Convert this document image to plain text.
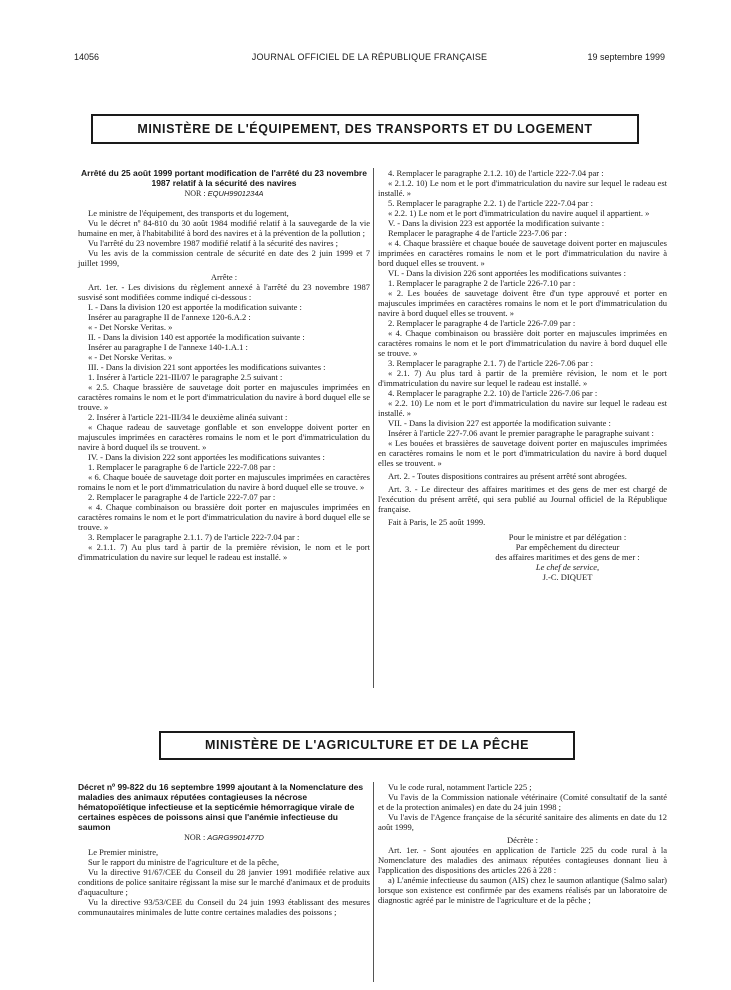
14056	JOURNAL OFFICIEL DE LA RÉPUBLIQUE FRANÇAISE	19 septembre 1999
MINISTÈRE DE L'ÉQUIPEMENT, DES TRANSPORTS ET DU LOGEMENT

Arrêté du 25 août 1999 portant modification de l'arrêté du 23 novembre 1987 relatif à la sécurité des navires

NOR : EQUH9901234A

Le ministre de l'équipement, des transports et du logement,

Vu le décret nº 84-810 du 30 août 1984 modifié relatif à la sauvegarde de la vie humaine en mer, à l'habitabilité à bord des navires et à la prévention de la pollution ;

Vu l'arrêté du 23 novembre 1987 modifié relatif à la sécurité des navires ;

Vu les avis de la commission centrale de sécurité en date des 2 juin 1999 et 7 juillet 1999,

Arrête :

Art. 1er. - Les divisions du règlement annexé à l'arrêté du 23 novembre 1987 susvisé sont modifiées comme indiqué ci-dessous :

I. - Dans la division 120 est apportée la modification suivante :

Insérer au paragraphe II de l'annexe 120-6.A.2 :

« - Det Norske Veritas. »

II. - Dans la division 140 est apportée la modification suivante :

Insérer au paragraphe I de l'annexe 140-1.A.1 :

« - Det Norske Veritas. »

III. - Dans la division 221 sont apportées les modifications suivantes :

1. Insérer à l'article 221-III/07 le paragraphe 2.5 suivant :

« 2.5. Chaque brassière de sauvetage doit porter en majuscules imprimées en caractères romains le nom et le port d'immatriculation du navire à bord duquel elle se trouve. »

2. Insérer à l'article 221-III/34 le deuxième alinéa suivant :

« Chaque radeau de sauvetage gonflable et son enveloppe doivent porter en majuscules imprimées en caractères romains le nom et le port d'immatriculation du navire à bord duquel ils se trouvent. »

IV. - Dans la division 222 sont apportées les modifications suivantes :

1. Remplacer le paragraphe 6 de l'article 222-7.08 par :

« 6. Chaque bouée de sauvetage doit porter en majuscules imprimées en caractères romains le nom et le port d'immatriculation du navire à bord duquel elle se trouve. »

2. Remplacer le paragraphe 4 de l'article 222-7.07 par :

« 4. Chaque combinaison ou brassière doit porter en majuscules imprimées en caractères romains le nom et le port d'immatriculation du navire à bord duquel elle se trouve. »

3. Remplacer le paragraphe 2.1.1. 7) de l'article 222-7.04 par :

« 2.1.1. 7) Au plus tard à partir de la première révision, le nom et le port d'immatriculation du navire sur lequel le radeau est installé. »

4. Remplacer le paragraphe 2.1.2. 10) de l'article 222-7.04 par :

« 2.1.2. 10) Le nom et le port d'immatriculation du navire sur lequel le radeau est installé. »

5. Remplacer le paragraphe 2.2. 1) de l'article 222-7.04 par :

« 2.2. 1) Le nom et le port d'immatriculation du navire auquel il appartient. »

V. - Dans la division 223 est apportée la modification suivante :

Remplacer le paragraphe 4 de l'article 223-7.06 par :

« 4. Chaque brassière et chaque bouée de sauvetage doivent porter en majuscules imprimées en caractères romains le nom et le port d'immatriculation du navire à bord duquel elles se trouvent. »

VI. - Dans la division 226 sont apportées les modifications suivantes :

1. Remplacer le paragraphe 2 de l'article 226-7.10 par :

« 2. Les bouées de sauvetage doivent être d'un type approuvé et porter en majuscules imprimées en caractères romains le nom et le port d'immatriculation du navire à bord duquel elles se trouvent. »

2. Remplacer le paragraphe 4 de l'article 226-7.09 par :

« 4. Chaque combinaison ou brassière doit porter en majuscules imprimées en caractères romains le nom et le port d'immatriculation du navire à bord duquel elle se trouve. »

3. Remplacer le paragraphe 2.1. 7) de l'article 226-7.06 par :

« 2.1. 7) Au plus tard à partir de la première révision, le nom et le port d'immatriculation du navire sur lequel le radeau est installé. »

4. Remplacer le paragraphe 2.2. 10) de l'article 226-7.06 par :

« 2.2. 10) Le nom et le port d'immatriculation du navire sur lequel le radeau est installé. »

VII. - Dans la division 227 est apportée la modification suivante :

Insérer à l'article 227-7.06 avant le premier paragraphe le paragraphe suivant :

« Les bouées et brassières de sauvetage doivent porter en majuscules imprimées en caractères romains le nom et le port d'immatriculation du navire à bord duquel elles se trouvent. »

Art. 2. - Toutes dispositions contraires au présent arrêté sont abrogées.

Art. 3. - Le directeur des affaires maritimes et des gens de mer est chargé de l'exécution du présent arrêté, qui sera publié au Journal officiel de la République française.

Fait à Paris, le 25 août 1999.

Pour le ministre et par délégation :

Par empêchement du directeur

des affaires maritimes et des gens de mer :

Le chef de service,

J.-C. DIQUET

MINISTÈRE DE L'AGRICULTURE ET DE LA PÊCHE

Décret nº 99-822 du 16 septembre 1999 ajoutant à la Nomenclature des maladies des animaux réputées contagieuses la nécrose hématopoïétique infectieuse et la septicémie hémorragique virale de certaines espèces de poissons ainsi que l'anémie infectieuse du saumon

NOR : AGRG9901477D

Le Premier ministre,

Sur le rapport du ministre de l'agriculture et de la pêche,

Vu la directive 91/67/CEE du Conseil du 28 janvier 1991 modifiée relative aux conditions de police sanitaire régissant la mise sur le marché d'animaux et de produits d'aquaculture ;

Vu la directive 93/53/CEE du Conseil du 24 juin 1993 établissant des mesures communautaires minimales de lutte contre certaines maladies des poissons ;

Vu le code rural, notamment l'article 225 ;

Vu l'avis de la Commission nationale vétérinaire (Comité consultatif de la santé et de la protection animales) en date du 24 juin 1998 ;

Vu l'avis de l'Agence française de la sécurité sanitaire des aliments en date du 12 août 1999,

Décrète :

Art. 1er. - Sont ajoutées en application de l'article 225 du code rural à la Nomenclature des maladies des animaux réputées contagieuses donnant lieu à l'application des dispositions des articles 226 à 228 :

a) L'anémie infectieuse du saumon (AIS) chez le saumon atlantique (Salmo salar) lorsque son existence est confirmée par des examens réalisés par un laboratoire de diagnostic agréé par le ministre de l'agriculture et de la pêche ;
